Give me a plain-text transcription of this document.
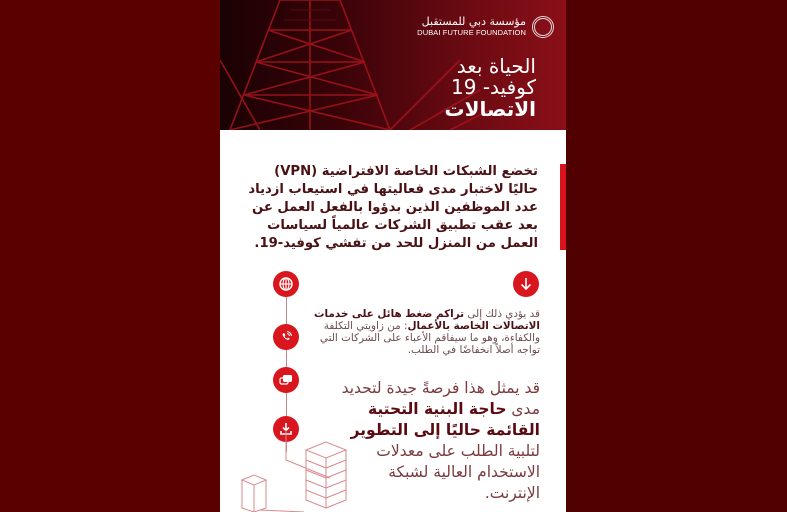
مؤسسة دبي للمستقبل
DUBAI FUTURE FOUNDATION
الحياة بعد
كوفيد- 19
الاتصالات
تخضع الشبكات الخاصة الافتراضية (VPN) حاليًا لاختبار مدى فعاليتها في استيعاب ازدياد عدد الموظفين الذين بدؤوا بالفعل العمل عن بعد عقب تطبيق الشركات عالمياً لسياسات العمل من المنزل للحد من تفشي كوفيد-19.
قد يؤدي ذلك إلى تراكم ضغط هائل على خدمات الاتصالات الخاصة بالأعمال: من زاويتي التكلفة والكفاءة، وهو ما سيفاقم الأعباء على الشركات التي تواجه أصلاً انخفاضًا في الطلب.
قد يمثل هذا فرصةً جيدة لتحديد مدى حاجة البنية التحتية القائمة حاليًا إلى التطوير لتلبية الطلب على معدلات الاستخدام العالية لشبكة الإنترنت.
